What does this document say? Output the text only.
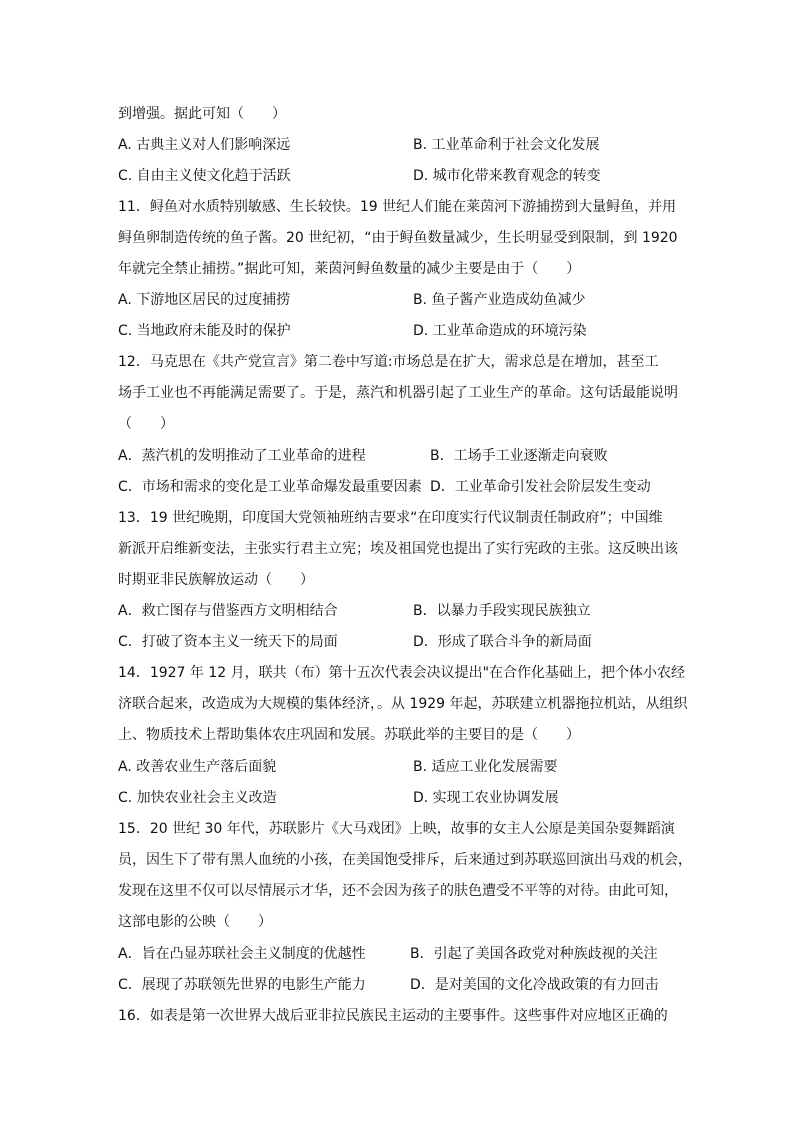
到增强。据此可知（　　）
A. 古典主义对人们影响深远	B. 工业革命利于社会文化发展
C. 自由主义使文化趋于活跃	D. 城市化带来教育观念的转变
11．鲟鱼对水质特别敏感、生长较快。19 世纪人们能在莱茵河下游捕捞到大量鲟鱼，并用
鲟鱼卵制造传统的鱼子酱。20 世纪初，“由于鲟鱼数量减少，生长明显受到限制，到 1920
年就完全禁止捕捞。”据此可知，莱茵河鲟鱼数量的减少主要是由于（　　）
A. 下游地区居民的过度捕捞	B. 鱼子酱产业造成幼鱼减少
C. 当地政府未能及时的保护	D. 工业革命造成的环境污染
12．马克思在《共产党宣言》第二卷中写道:市场总是在扩大，需求总是在增加，甚至工
场手工业也不再能满足需要了。于是，蒸汽和机器引起了工业生产的革命。这句话最能说明
（　　）
A．蒸汽机的发明推动了工业革命的进程	B．工场手工业逐渐走向衰败
C．市场和需求的变化是工业革命爆发最重要因素 D．工业革命引发社会阶层发生变动
13．19 世纪晚期，印度国大党领袖班纳吉要求“在印度实行代议制责任制政府”；中国维
新派开启维新变法，主张实行君主立宪；埃及祖国党也提出了实行宪政的主张。这反映出该
时期亚非民族解放运动（　　）
A．救亡图存与借鉴西方文明相结合	B．以暴力手段实现民族独立
C．打破了资本主义一统天下的局面	D．形成了联合斗争的新局面
14．1927 年 12 月，联共（布）第十五次代表会决议提出"在合作化基础上，把个体小农经
济联合起来，改造成为大规模的集体经济，。从 1929 年起，苏联建立机器拖拉机站，从组织
上、物质技术上帮助集体农庄巩固和发展。苏联此举的主要目的是（　　）
A. 改善农业生产落后面貌	B. 适应工业化发展需要
C. 加快农业社会主义改造	D. 实现工农业协调发展
15．20 世纪 30 年代，苏联影片《大马戏团》上映，故事的女主人公原是美国杂耍舞蹈演
员，因生下了带有黑人血统的小孩，在美国饱受排斥，后来通过到苏联巡回演出马戏的机会，
发现在这里不仅可以尽情展示才华，还不会因为孩子的肤色遭受不平等的对待。由此可知，
这部电影的公映（　　）
A．旨在凸显苏联社会主义制度的优越性	B．引起了美国各政党对种族歧视的关注
C．展现了苏联领先世界的电影生产能力	D．是对美国的文化冷战政策的有力回击
16．如表是第一次世界大战后亚非拉民族民主运动的主要事件。这些事件对应地区正确的
